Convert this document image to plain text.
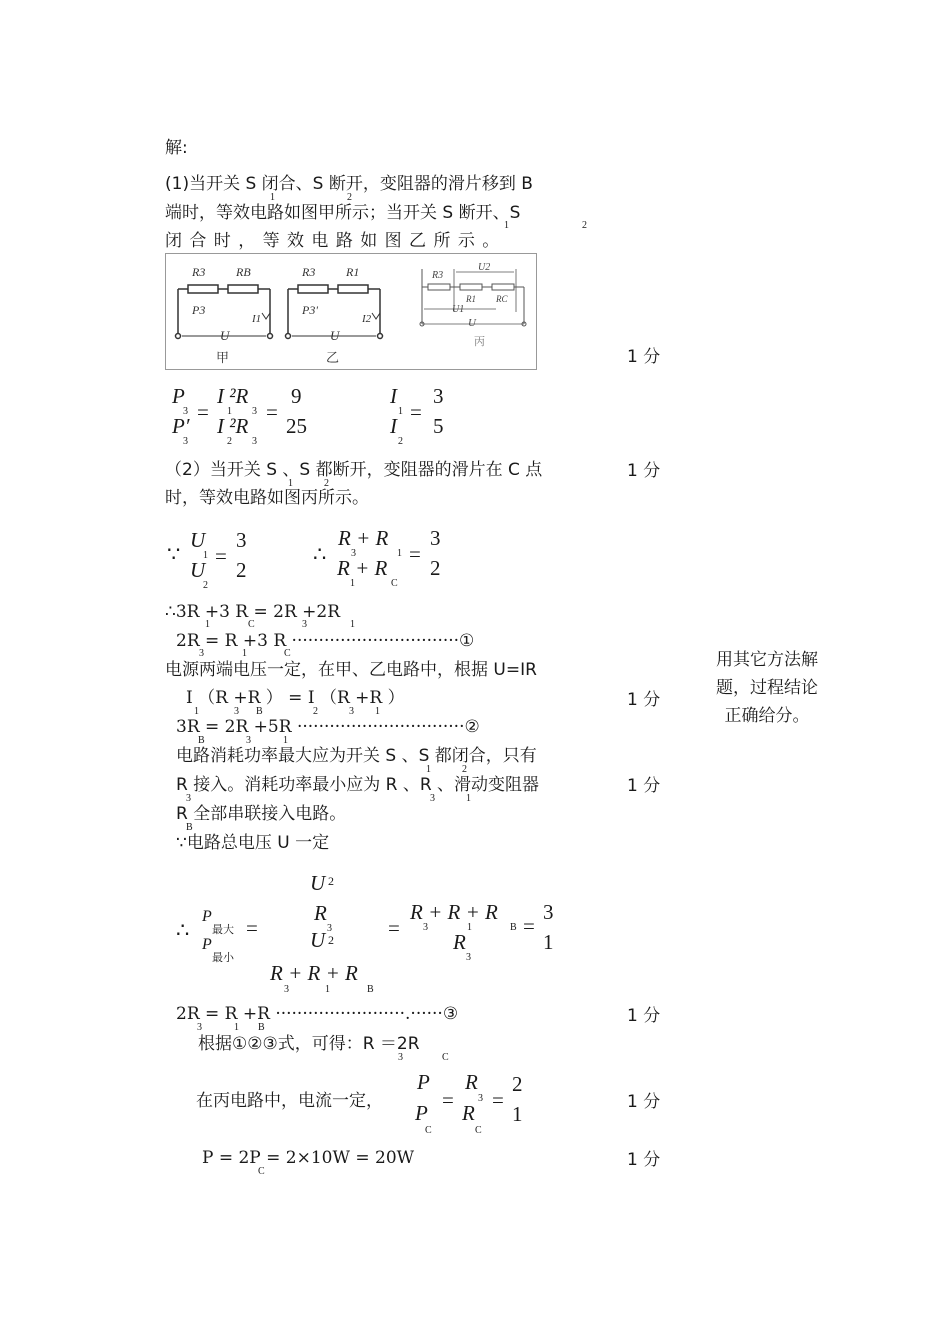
解:
(1)当开关 S 闭合、S 断开，变阻器的滑片移到 B
1	2
端时，等效电路如图甲所示；当开关 S 断开、S
1	2
闭 合 时 ， 等 效 电 路 如 图 乙 所 示 。
R3	RB
P3
I1
U
甲
R3	R1
P3'
I2
U
乙
R3
R1 RC
U2
U1
U
丙
P
3 =
P′
3
I ²R
1 3
I ²R
2 3
=
9
25
I
1 =
I
2
3
5
（2）当开关 S 、S 都断开，变阻器的滑片在 C 点
1	2
时，等效电路如图丙所示。
∵
U
1 =
U
2
3
2
∴
R + R
3	1 =
R + R
1	C
3
2
∴3R +3 R = 2R +2R
1	C	3	1
2R = R +3 R ·······························①
3	1	C
电源两端电压一定，在甲、乙电路中，根据 U=IR
I （R +R ） = I （R +R ）
1	3 B	2	3 1
3R = 2R +5R ·······························②
B	3	1
电路消耗功率最大应为开关 S 、S 都闭合，只有
1	2
R 接入。消耗功率最小应为 R 、R 、滑动变阻器
3	3	1
R 全部串联接入电路。
B
∵电路总电压 U 一定
U 2
∴
P
最大 =
P
最小
R
3
U 2	=
R + R + R
3	1	B
R
3
=
3
1
R + R + R
3	1	B
2R = R +R ························.······③
3	1 B
根据①②③式，可得：R ＝2R
3	C
在丙电路中，电流一定，
P
=
P
C
R
3
R
C
=
2
1
P = 2P = 2×10W = 20W
C
1 分
1 分
1 分
1 分
1 分
1 分
1 分
用其它方法解
题，过程结论
正确给分。
